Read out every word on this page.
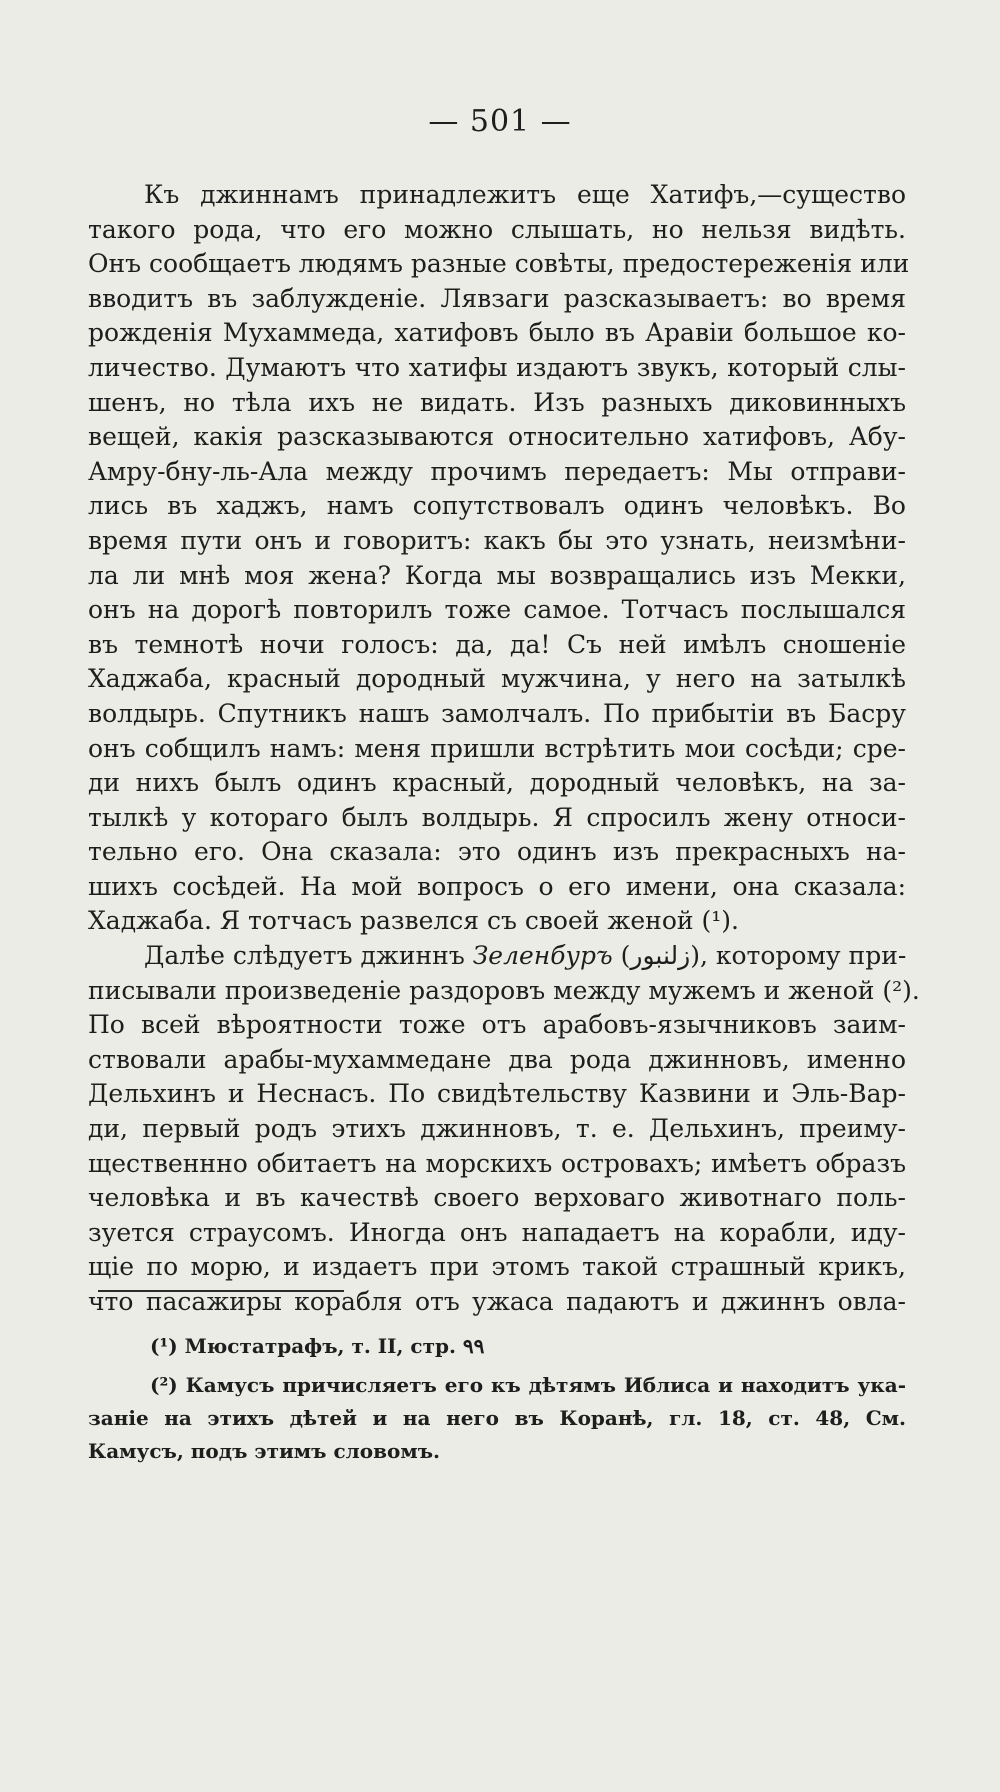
— 501 —
Къ джиннамъ принадлежитъ еще Хатифъ,—существо
такого рода, что его можно слышать, но нельзя видѣть.
Онъ сообщаетъ людямъ разные совѣты, предостереженія или
вводитъ въ заблужденіе. Лявзаги разсказываетъ: во время
рожденія Мухаммеда, хатифовъ было въ Аравіи большое ко-
личество. Думаютъ что хатифы издаютъ звукъ, который слы-
шенъ, но тѣла ихъ не видать. Изъ разныхъ диковинныхъ
вещей, какія разсказываются относительно хатифовъ, Абу-
Амру-бну-ль-Ала между прочимъ передаетъ: Мы отправи-
лись въ хаджъ, намъ сопутствовалъ одинъ человѣкъ. Во
время пути онъ и говоритъ: какъ бы это узнать, неизмѣни-
ла ли мнѣ моя жена? Когда мы возвращались изъ Мекки,
онъ на дорогѣ повторилъ тоже самое. Тотчасъ послышался
въ темнотѣ ночи голосъ: да, да! Съ ней имѣлъ сношеніе
Хаджаба, красный дородный мужчина, у него на затылкѣ
волдырь. Спутникъ нашъ замолчалъ. По прибытіи въ Басру
онъ собщилъ намъ: меня пришли встрѣтить мои сосѣди; сре-
ди нихъ былъ одинъ красный, дородный человѣкъ, на за-
тылкѣ у котораго былъ волдырь. Я спросилъ жену относи-
тельно его. Она сказала: это одинъ изъ прекрасныхъ на-
шихъ сосѣдей. На мой вопросъ о его имени, она сказала:
Хаджаба. Я тотчасъ развелся съ своей женой (¹).
Далѣе слѣдуетъ джиннъ Зеленбуръ (زلنبور), которому при-
писывали произведеніе раздоровъ между мужемъ и женой (²).
По всей вѣроятности тоже отъ арабовъ-язычниковъ заим-
ствовали арабы-мухаммедане два рода джинновъ, именно
Дельхинъ и Неснасъ. По свидѣтельству Казвини и Эль-Вар-
ди, первый родъ этихъ джинновъ, т. е. Дельхинъ, преиму-
щественнно обитаетъ на морскихъ островахъ; имѣетъ образъ
человѣка и въ качествѣ своего верховаго животнаго поль-
зуется страусомъ. Иногда онъ нападаетъ на корабли, иду-
щіе по морю, и издаетъ при этомъ такой страшный крикъ,
что пасажиры корабля отъ ужаса падаютъ и джиннъ овла-
(¹) Мюстатрафъ, т. II, стр. ٩٩
(²) Камусъ причисляетъ его къ дѣтямъ Иблиса и находитъ ука-
заніе на этихъ дѣтей и на него въ Коранѣ, гл. 18, ст. 48, См.
Камусъ, подъ этимъ словомъ.
